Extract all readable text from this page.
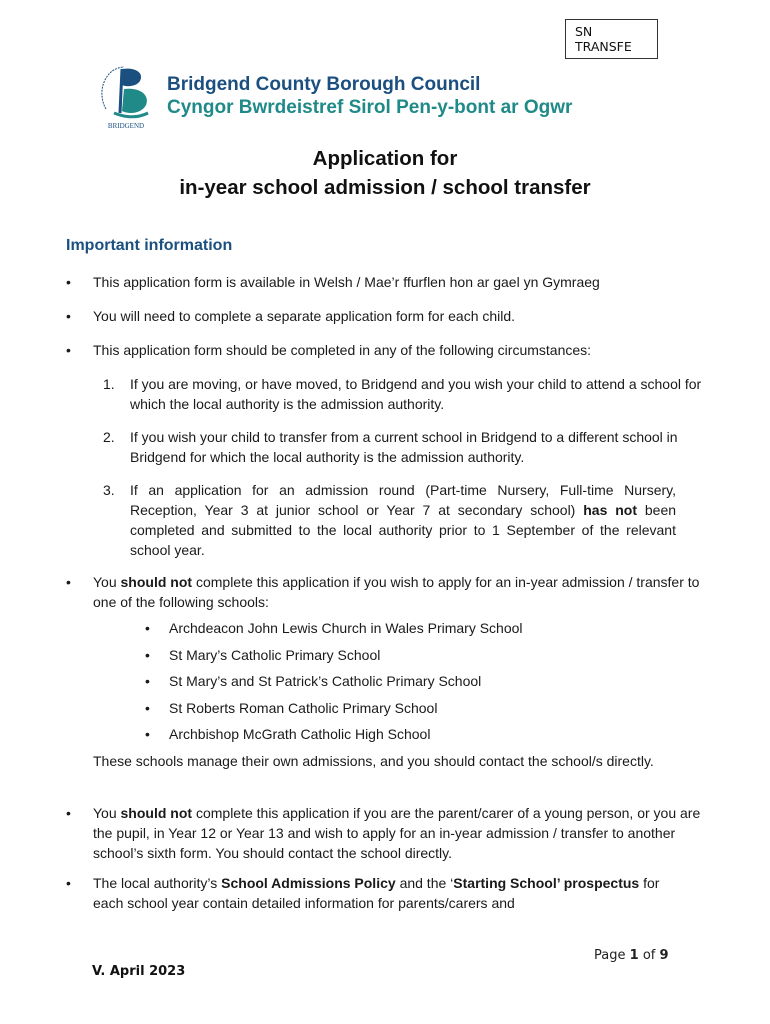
SN
TRANSFE
BRIDGEND
Bridgend County Borough Council
Cyngor Bwrdeistref Sirol Pen-y-bont ar Ogwr
Application for
in-year school admission / school transfer
Important information
• This application form is available in Welsh / Mae’r ffurflen hon ar gael yn Gymraeg
• You will need to complete a separate application form for each child.
• This application form should be completed in any of the following circumstances:
1. If you are moving, or have moved, to Bridgend and you wish your child to attend a school for which the local authority is the admission authority.
2. If you wish your child to transfer from a current school in Bridgend to a different school in Bridgend for which the local authority is the admission authority.
3. If an application for an admission round (Part-time Nursery, Full-time Nursery, Reception, Year 3 at junior school or Year 7 at secondary school) has not been completed and submitted to the local authority prior to 1 September of the relevant school year.
• You should not complete this application if you wish to apply for an in-year admission / transfer to one of the following schools:
• Archdeacon John Lewis Church in Wales Primary School
• St Mary’s Catholic Primary School
• St Mary’s and St Patrick’s Catholic Primary School
• St Roberts Roman Catholic Primary School
• Archbishop McGrath Catholic High School
These schools manage their own admissions, and you should contact the school/s directly.
• You should not complete this application if you are the parent/carer of a young person, or you are the pupil, in Year 12 or Year 13 and wish to apply for an in-year admission / transfer to another school’s sixth form. You should contact the school directly.
• The local authority’s School Admissions Policy and the ‘Starting School’ prospectus for each school year contain detailed information for parents/carers and
Page 1 of 9
V. April 2023
